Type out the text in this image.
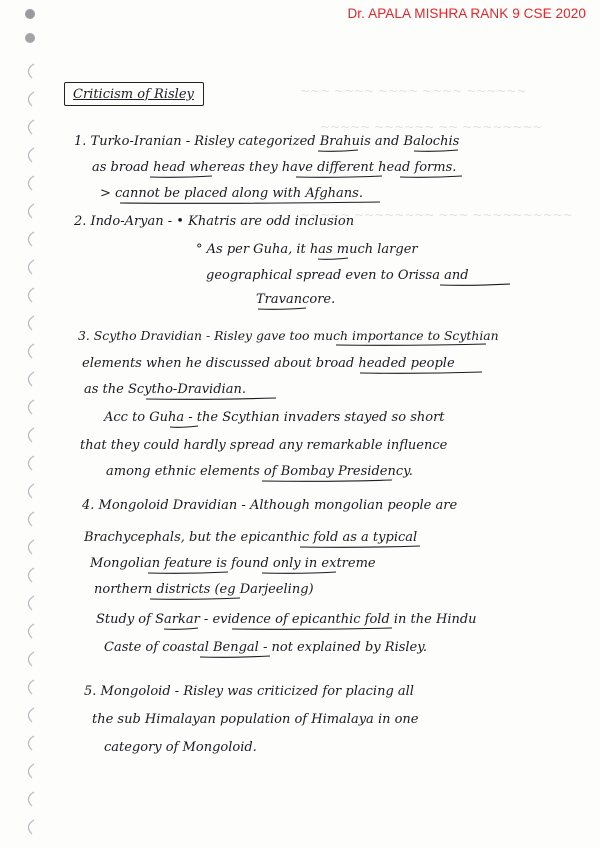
Dr. APALA MISHRA RANK 9 CSE 2020
Criticism of Risley	~~~ ~~~~ ~~~~ ~~~~ ~~~~~~
~~~~~ ~~~~~~ ~~ ~~~~~~~~
~~~~~ ~~~~~~~~ ~~~ ~~~~~~~~~~
1. Turko-Iranian - Risley categorized Brahuis and Balochis
as broad head whereas they have different head forms.
> cannot be placed along with Afghans.
2. Indo-Aryan - • Khatris are odd inclusion
° As per Guha, it has much larger
geographical spread even to Orissa and
Travancore.
3. Scytho Dravidian - Risley gave too much importance to Scythian
elements when he discussed about broad headed people
as the Scytho-Dravidian.
Acc to Guha - the Scythian invaders stayed so short
that they could hardly spread any remarkable influence
among ethnic elements of Bombay Presidency.
4. Mongoloid Dravidian - Although mongolian people are
Brachycephals, but the epicanthic fold as a typical
Mongolian feature is found only in extreme
northern districts (eg Darjeeling)
Study of Sarkar - evidence of epicanthic fold in the Hindu
Caste of coastal Bengal - not explained by Risley.
5. Mongoloid - Risley was criticized for placing all
the sub Himalayan population of Himalaya in one
category of Mongoloid.
